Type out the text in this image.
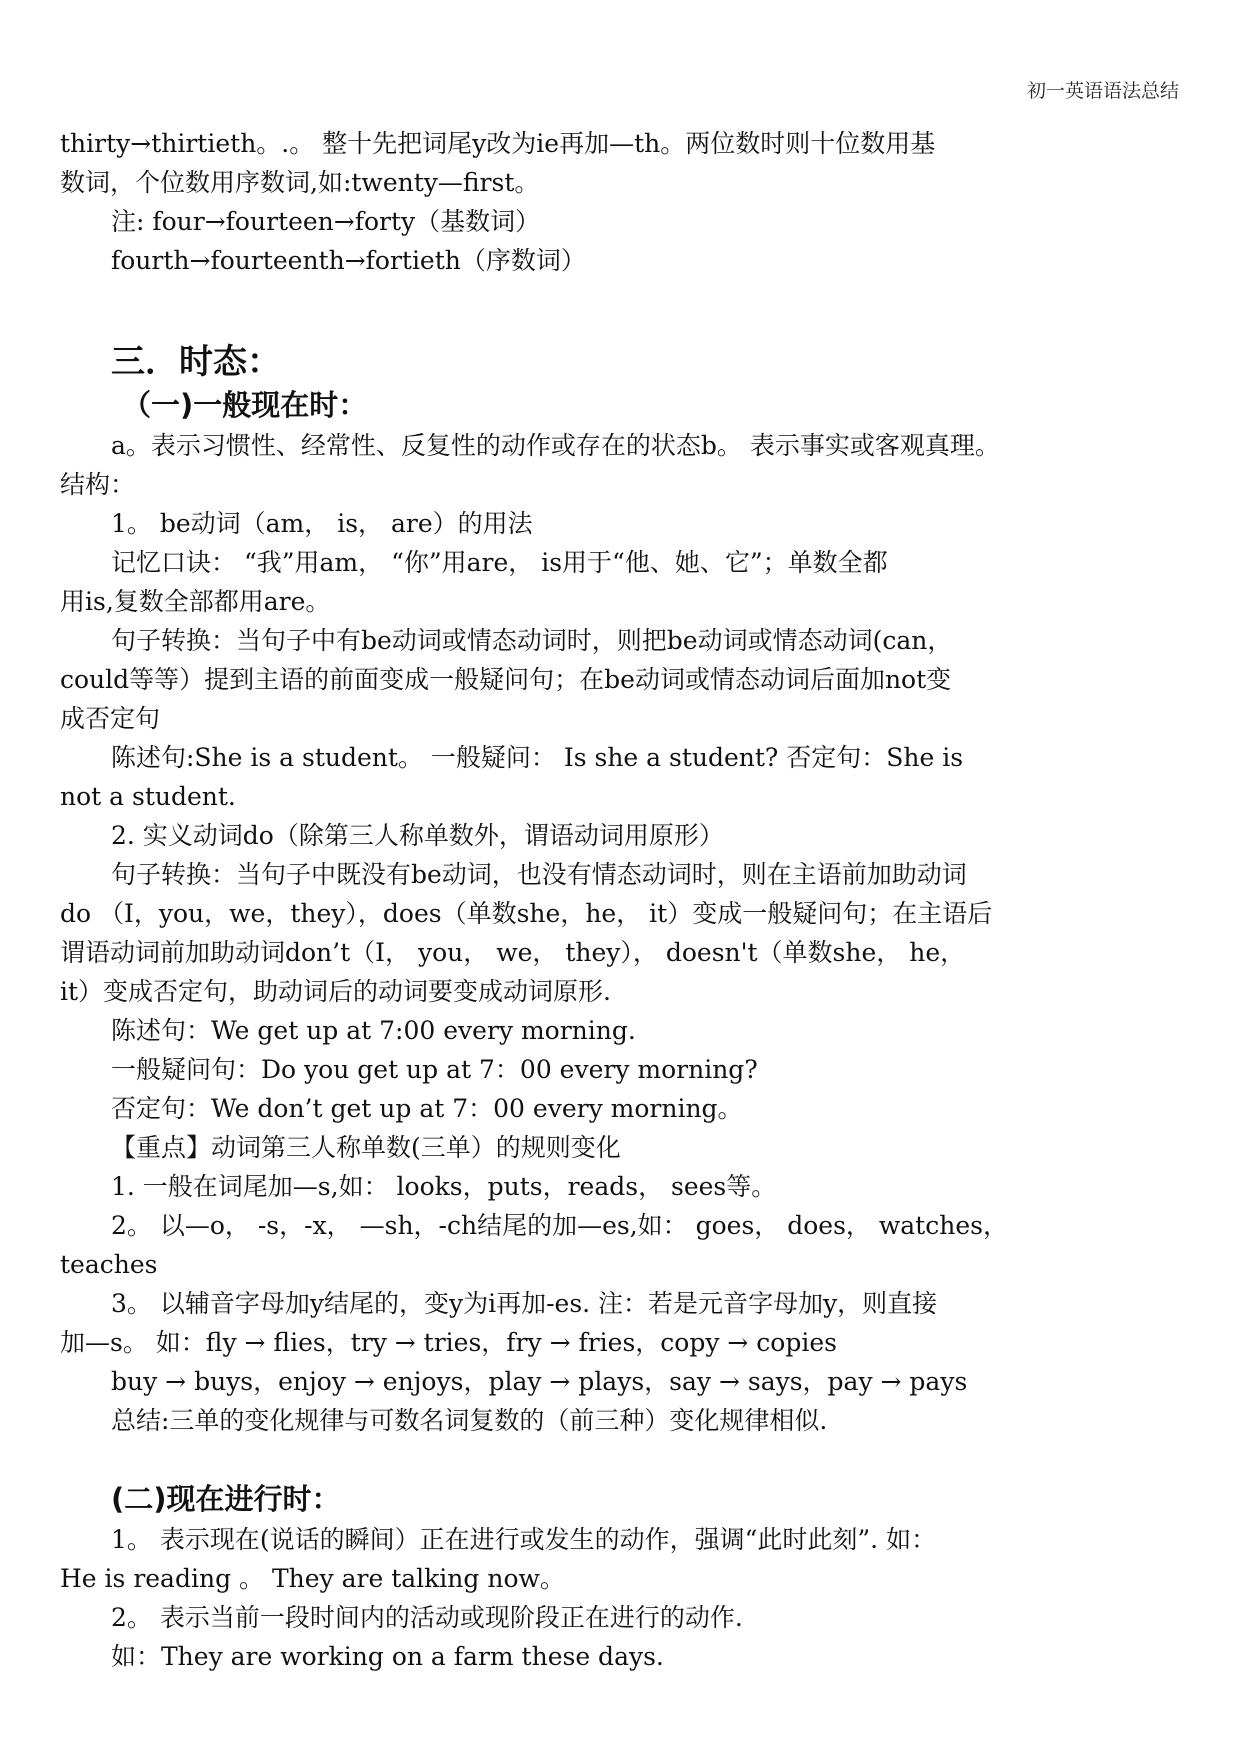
初一英语语法总结

thirty→thirtieth。.。 整十先把词尾y改为ie再加—th。两位数时则十位数用基

数词，个位数用序数词,如:twenty—first。

注: four→fourteen→forty（基数词）

fourth→fourteenth→fortieth（序数词）

三．时态：
（一)一般现在时：

a。表示习惯性、经常性、反复性的动作或存在的状态b。 表示事实或客观真理。

结构：

1。 be动词（am， is， are）的用法

记忆口诀： “我”用am， “你”用are， is用于“他、她、它”；单数全都

用is,复数全部都用are。

句子转换：当句子中有be动词或情态动词时，则把be动词或情态动词(can，

could等等）提到主语的前面变成一般疑问句；在be动词或情态动词后面加not变

成否定句

陈述句:She is a student。 一般疑问： Is she a student? 否定句：She is

not a student.

2. 实义动词do（除第三人称单数外，谓语动词用原形）

句子转换：当句子中既没有be动词，也没有情态动词时，则在主语前加助动词

do （I，you，we，they），does（单数she，he， it）变成一般疑问句；在主语后

谓语动词前加助动词don’t（I， you， we， they）， doesn't（单数she， he，

it）变成否定句，助动词后的动词要变成动词原形.

陈述句：We get up at 7:00 every morning.

一般疑问句：Do you get up at 7：00 every morning?

否定句：We don’t get up at 7：00 every morning。

【重点】动词第三人称单数(三单）的规则变化

1. 一般在词尾加—s,如： looks，puts，reads， sees等。

2。 以—o， -s，-x， —sh，-ch结尾的加—es,如： goes， does， watches，

teaches

3。 以辅音字母加y结尾的，变y为i再加-es. 注：若是元音字母加y，则直接

加—s。 如：fly → flies，try → tries，fry → fries，copy → copies

buy → buys，enjoy → enjoys，play → plays，say → says，pay → pays

总结:三单的变化规律与可数名词复数的（前三种）变化规律相似.

(二)现在进行时：

1。 表示现在(说话的瞬间）正在进行或发生的动作，强调“此时此刻”. 如：

He is reading 。 They are talking now。

2。 表示当前一段时间内的活动或现阶段正在进行的动作.

如：They are working on a farm these days.
